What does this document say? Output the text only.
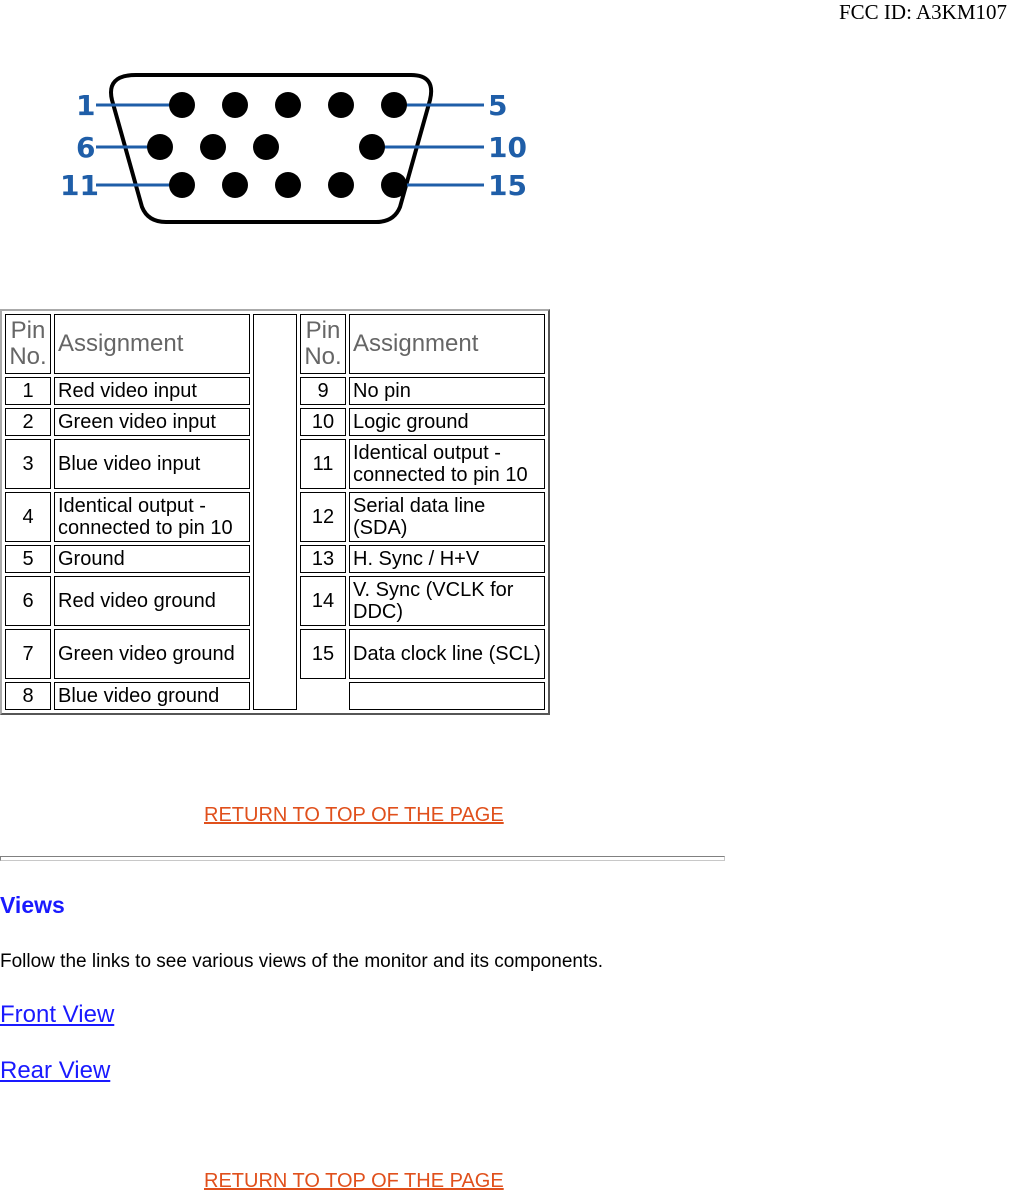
FCC ID: A3KM107
1
6
11
5
10
15
Pin No.	Assignment		Pin No.	Assignment
1	Red video input		9	No pin
2	Green video input		10	Logic ground
3	Blue video input		11	Identical output - connected to pin 10
4	Identical output - connected to pin 10		12	Serial data line (SDA)
5	Ground		13	H. Sync / H+V
6	Red video ground		14	V. Sync (VCLK for DDC)
7	Green video ground		15	Data clock line (SCL)
8	Blue video ground			
RETURN TO TOP OF THE PAGE
Views

Follow the links to see various views of the monitor and its components.

Front View
Rear View
RETURN TO TOP OF THE PAGE
